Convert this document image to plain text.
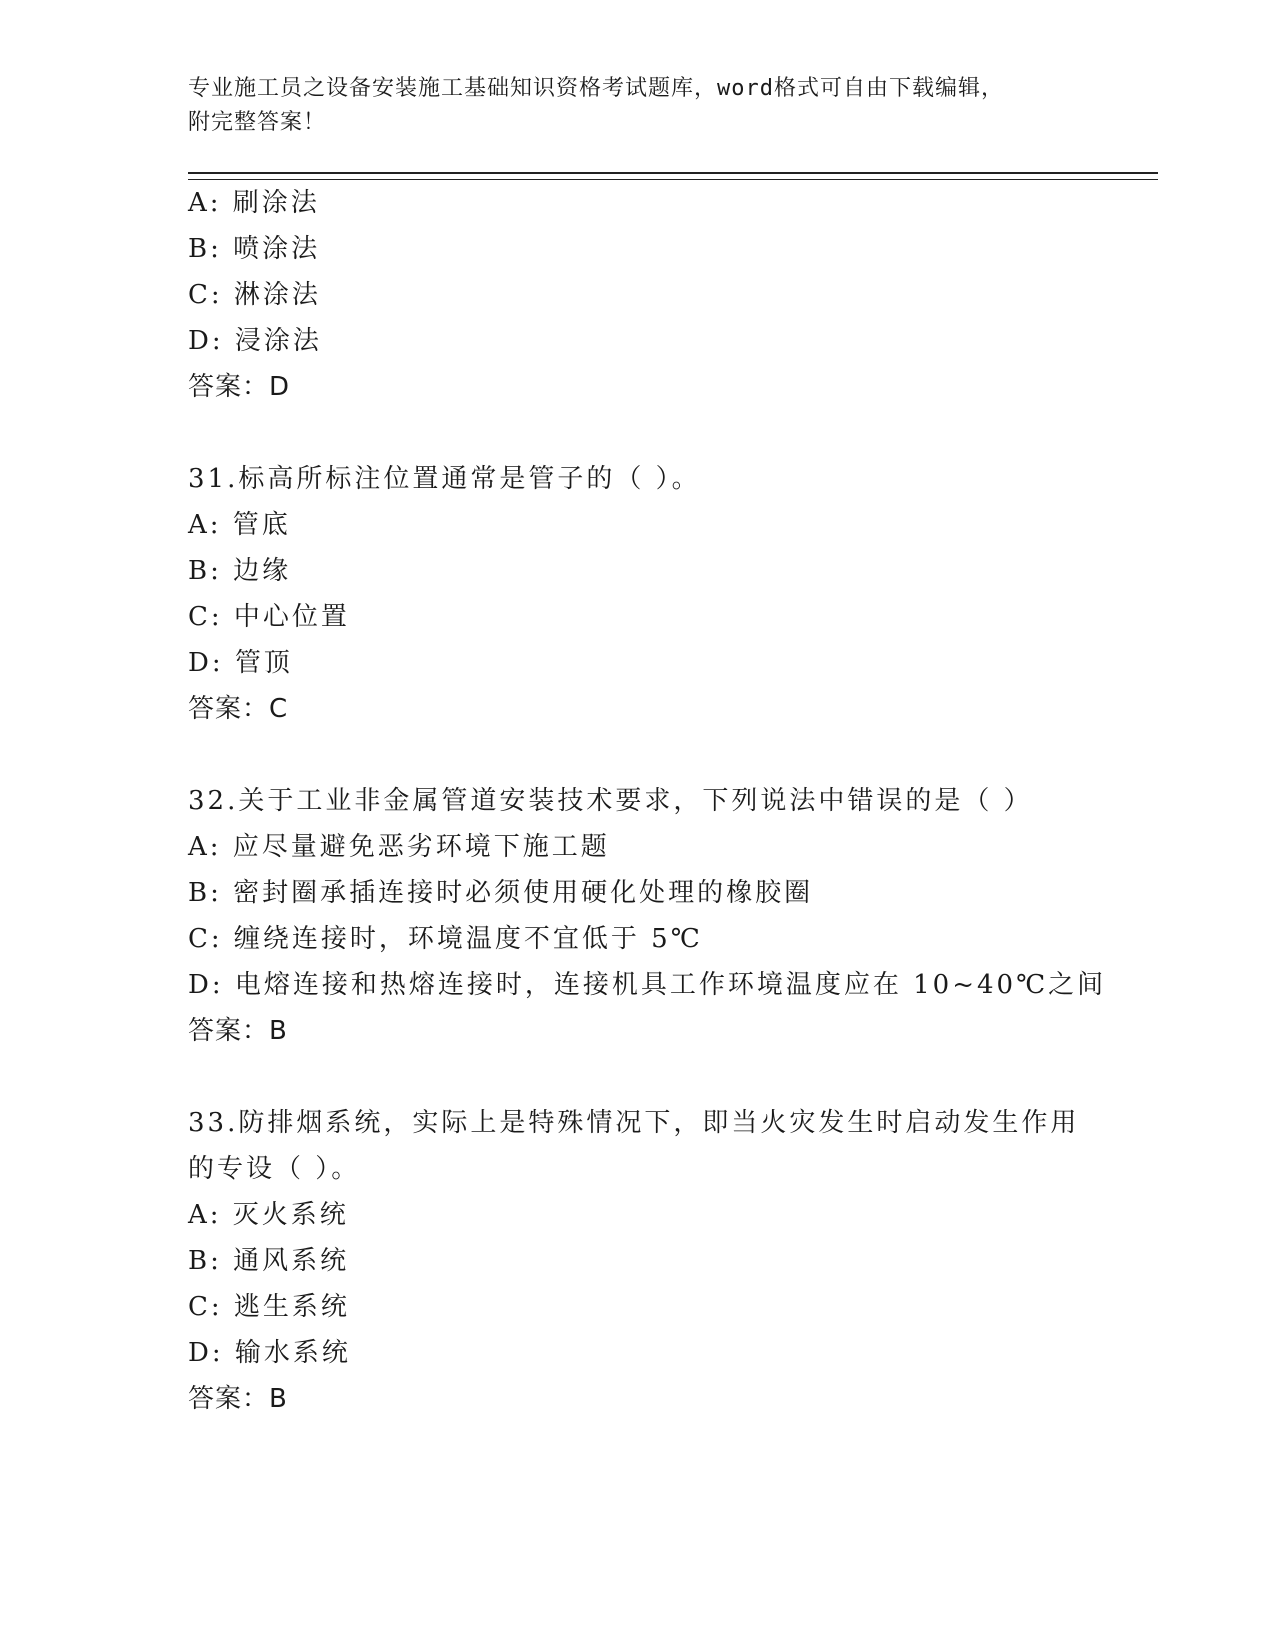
专业施工员之设备安装施工基础知识资格考试题库，word格式可自由下载编辑，
附完整答案！

A: 刷涂法

B: 喷涂法

C: 淋涂法

D: 浸涂法

答案：D

31.标高所标注位置通常是管子的（ ）。

A: 管底

B: 边缘

C: 中心位置

D: 管顶

答案：C

32.关于工业非金属管道安装技术要求，下列说法中错误的是（ ）

A: 应尽量避免恶劣环境下施工题

B: 密封圈承插连接时必须使用硬化处理的橡胶圈

C: 缠绕连接时，环境温度不宜低于 5℃

D: 电熔连接和热熔连接时，连接机具工作环境温度应在 10~40℃之间

答案：B

33.防排烟系统，实际上是特殊情况下，即当火灾发生时启动发生作用
的专设（ ）。

A: 灭火系统

B: 通风系统

C: 逃生系统

D: 输水系统

答案：B
